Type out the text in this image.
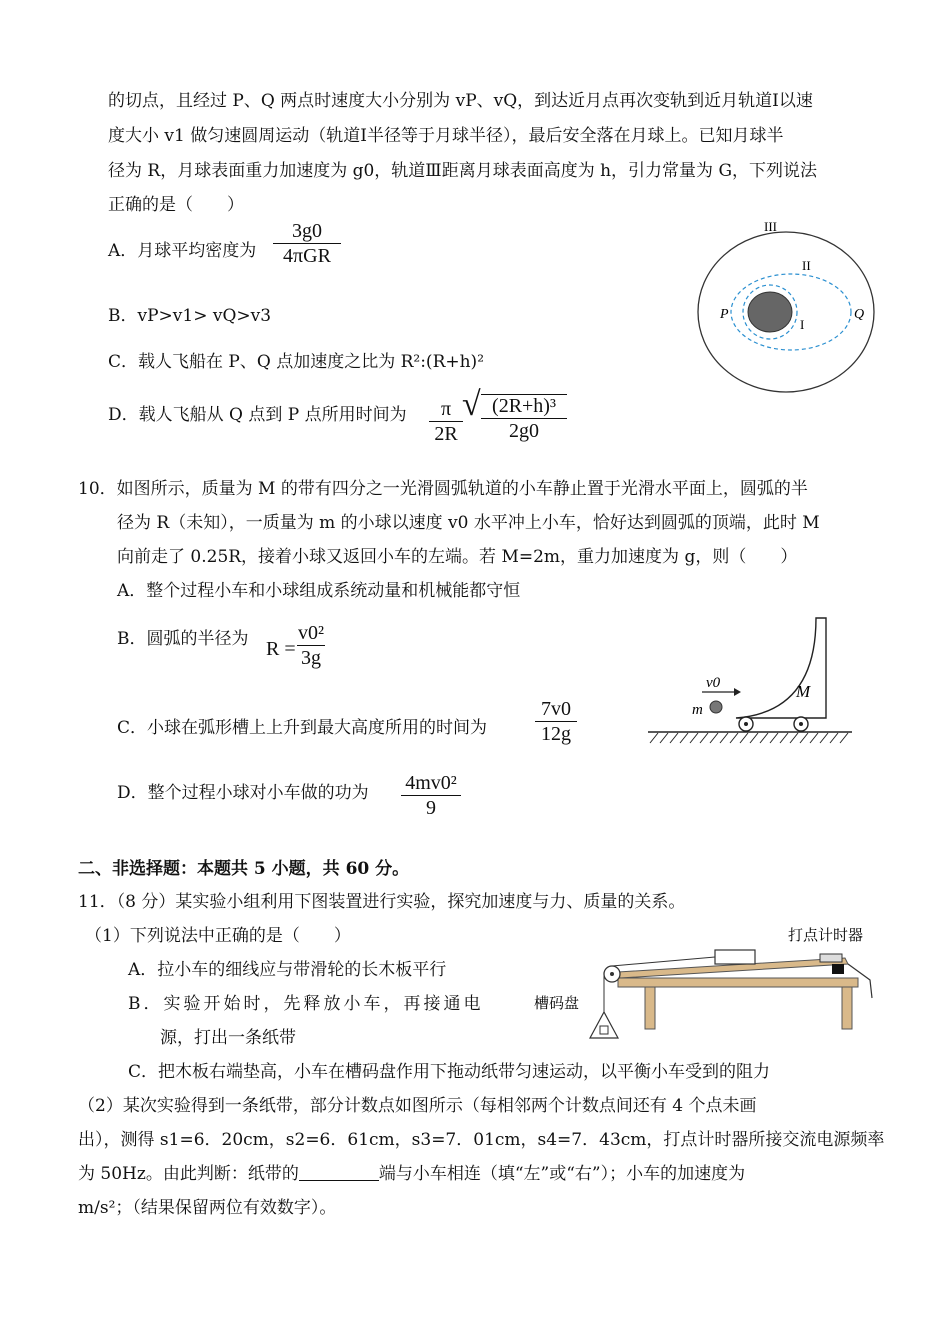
的切点，且经过 P、Q 两点时速度大小分别为 vP、vQ，到达近月点再次变轨到近月轨道Ⅰ以速
度大小 v1 做匀速圆周运动（轨道Ⅰ半径等于月球半径），最后安全落在月球上。已知月球半
径为 R，月球表面重力加速度为 g0，轨道Ⅲ距离月球表面高度为 h，引力常量为 G，下列说法
正确的是（　　）
A．月球平均密度为
3g0
4πGR
B．vP>v1> vQ>v3
C．载人飞船在 P、Q 点加速度之比为 R²:(R+h)²
D．载人飞船从 Q 点到 P 点所用时间为	π
2R
√ (2R+h)³
2g0
III
II
I
P	Q
10．如图所示，质量为 M 的带有四分之一光滑圆弧轨道的小车静止置于光滑水平面上，圆弧的半
径为 R（未知），一质量为 m 的小球以速度 v0 水平冲上小车，恰好达到圆弧的顶端，此时 M
向前走了 0.25R，接着小球又返回小车的左端。若 M=2m，重力加速度为 g，则（　　）
A．整个过程小车和小球组成系统动量和机械能都守恒
B．圆弧的半径为 R =
v0²
3g
C．小球在弧形槽上上升到最大高度所用的时间为
7v0
12g
D．整个过程小球对小车做的功为 4mv0²
9
v0
m
M
二、非选择题：本题共 5 小题，共 60 分。
11．（8 分）某实验小组利用下图装置进行实验，探究加速度与力、质量的关系。
（1）下列说法中正确的是（　　）
A．拉小车的细线应与带滑轮的长木板平行
B．实验开始时，先释放小车，再接通电
源，打出一条纸带
C．把木板右端垫高，小车在槽码盘作用下拖动纸带匀速运动，以平衡小车受到的阻力
（2）某次实验得到一条纸带，部分计数点如图所示（每相邻两个计数点间还有 4 个点未画
出），测得 s1=6．20cm，s2=6．61cm，s3=7．01cm，s4=7．43cm，打点计时器所接交流电源频率
为 50Hz。由此判断：纸带的	端与小车相连（填“左”或“右”）；小车的加速度为
m/s²；（结果保留两位有效数字）。
打点计时器
槽码盘
